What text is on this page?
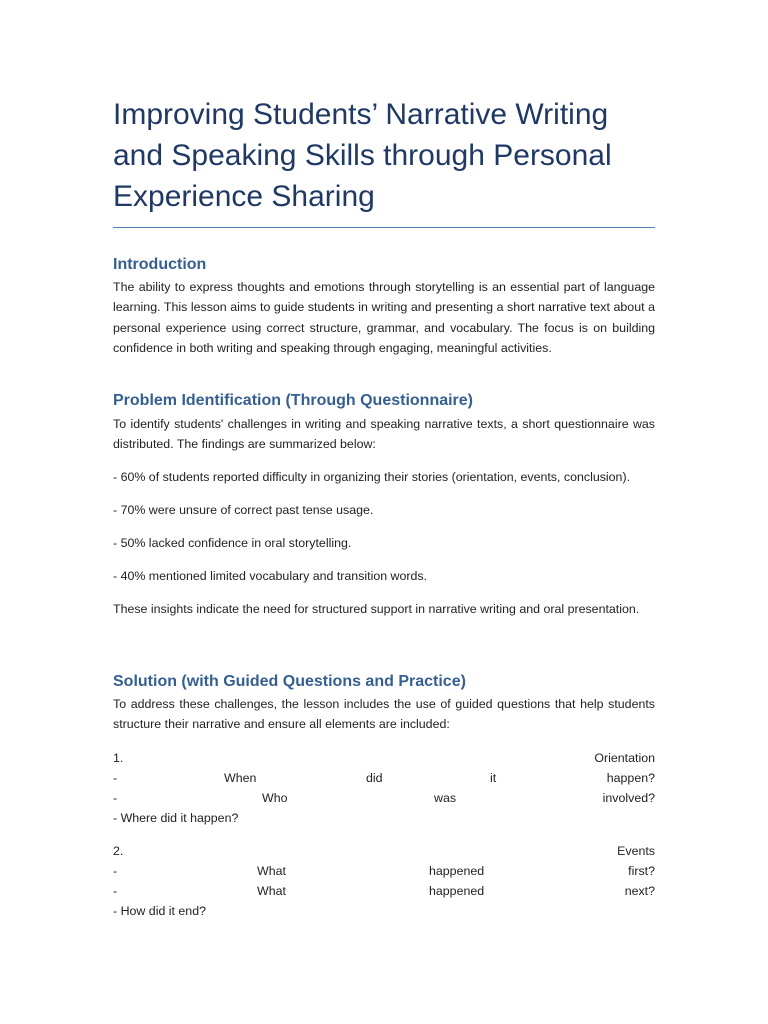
Improving Students’ Narrative Writing and Speaking Skills through Personal Experience Sharing
Introduction

The ability to express thoughts and emotions through storytelling is an essential part of language learning. This lesson aims to guide students in writing and presenting a short narrative text about a personal experience using correct structure, grammar, and vocabulary. The focus is on building confidence in both writing and speaking through engaging, meaningful activities.

Problem Identification (Through Questionnaire)

To identify students' challenges in writing and speaking narrative texts, a short questionnaire was distributed. The findings are summarized below:

- 60% of students reported difficulty in organizing their stories (orientation, events, conclusion).

- 70% were unsure of correct past tense usage.

- 50% lacked confidence in oral storytelling.

- 40% mentioned limited vocabulary and transition words.

These insights indicate the need for structured support in narrative writing and oral presentation.

Solution (with Guided Questions and Practice)

To address these challenges, the lesson includes the use of guided questions that help students structure their narrative and ensure all elements are included:

1.	Orientation
-	When	did	it	happen?
-	Who	was	involved?
- Where did it happen?
2.	Events
-	What	happened	first?
-	What	happened	next?
- How did it end?
